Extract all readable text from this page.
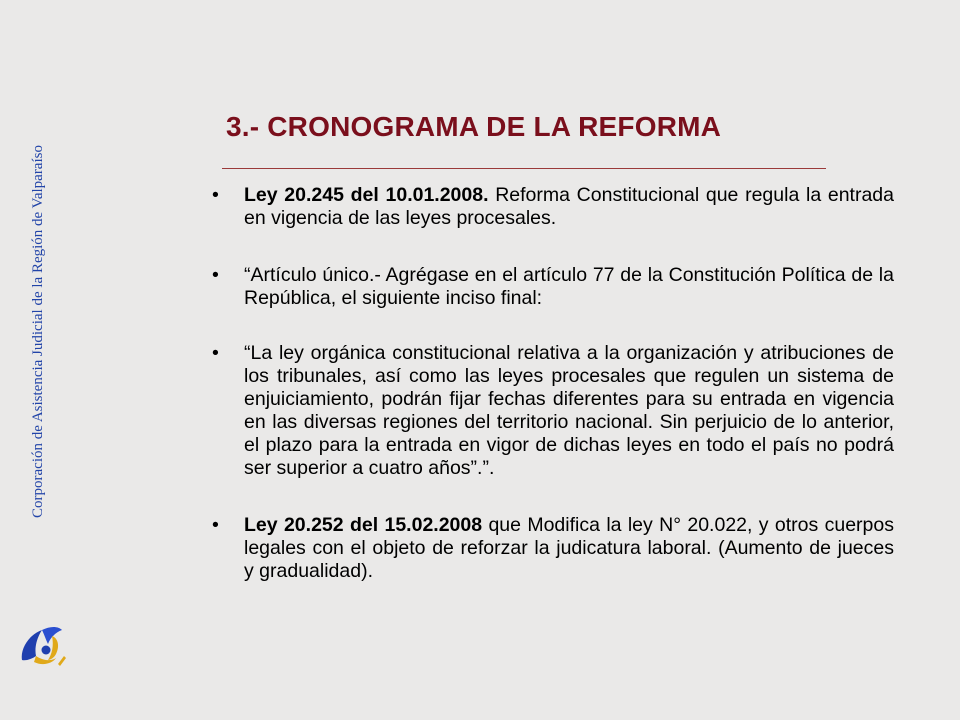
Corporación de Asistencia Judicial de la Región de Valparaíso
3.- CRONOGRAMA DE LA REFORMA
• Ley 20.245 del 10.01.2008. Reforma Constitucional que regula la entrada en vigencia de las leyes procesales.
• “Artículo único.- Agrégase en el artículo 77 de la Constitución Política de la República, el siguiente inciso final:
• “La ley orgánica constitucional relativa a la organización y atribuciones de los tribunales, así como las leyes procesales que regulen un sistema de enjuiciamiento, podrán fijar fechas diferentes para su entrada en vigencia en las diversas regiones del territorio nacional. Sin perjuicio de lo anterior, el plazo para la entrada en vigor de dichas leyes en todo el país no podrá ser superior a cuatro años”.”.
• Ley 20.252 del 15.02.2008 que Modifica la ley N° 20.022, y otros cuerpos legales con el objeto de reforzar la judicatura laboral. (Aumento de jueces y gradualidad).
